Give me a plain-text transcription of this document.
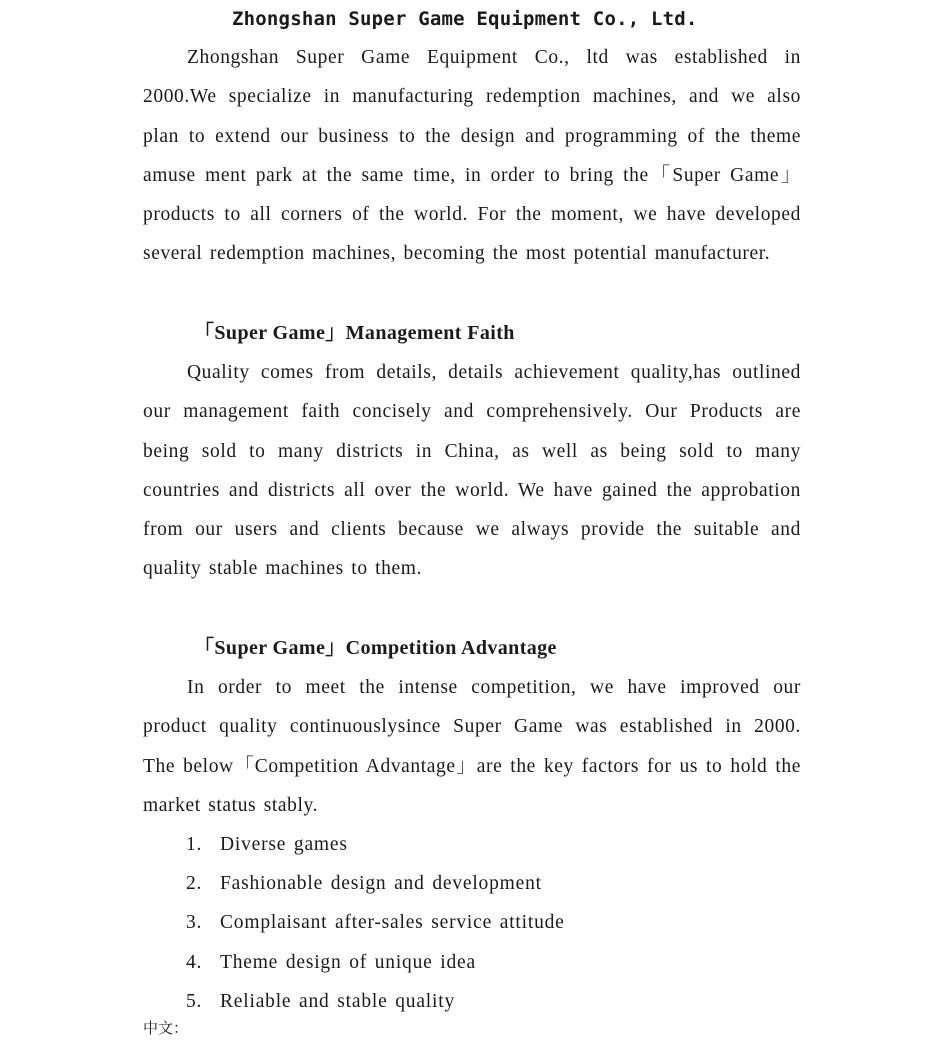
Zhongshan Super Game Equipment Co., Ltd.

Zhongshan Super Game Equipment Co., ltd was established in 2000.We specialize in manufacturing redemption machines, and we also plan to extend our business to the design and programming of the theme amuse ment park at the same time, in order to bring the「Super Game」products to all corners of the world. For the moment, we have developed several redemption machines, becoming the most potential manufacturer.

「Super Game」Management Faith

Quality comes from details, details achievement quality,has outlined our management faith concisely and comprehensively. Our Products are being sold to many districts in China, as well as being sold to many countries and districts all over the world. We have gained the approbation from our users and clients because we always provide the suitable and quality stable machines to them.

「Super Game」Competition Advantage

In order to meet the intense competition, we have improved our product quality continuouslysince Super Game was established in 2000. The below「Competition Advantage」are the key factors for us to hold the market status stably.

1. Diverse games
2. Fashionable design and development
3. Complaisant after-sales service attitude
4. Theme design of unique idea
5. Reliable and stable quality
中文：
